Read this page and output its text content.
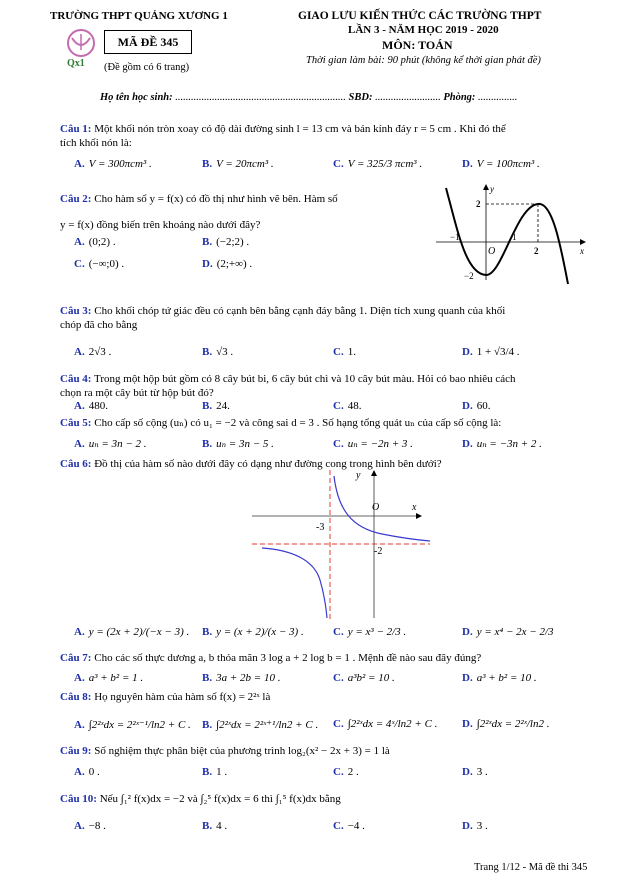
TRƯỜNG THPT QUẢNG XƯƠNG 1
Qx1
MÃ ĐỀ 345
(Đề gồm có 6 trang)
GIAO LƯU KIẾN THỨC CÁC TRƯỜNG THPT
LẦN 3 - NĂM HỌC 2019 - 2020
MÔN: TOÁN
Thời gian làm bài: 90 phút (không kể thời gian phát đề)
Họ tên học sinh: ................................................................. SBD: ......................... Phòng: ...............
Câu 1: Một khối nón tròn xoay có độ dài đường sinh l = 13 cm và bán kính đáy r = 5 cm . Khi đó thể
tích khối nón là:
A. V = 300πcm³ .	B. V = 20πcm³ .	C. V = 325/3 πcm³ .	D. V = 100πcm³ .
Câu 2: Cho hàm số y = f(x) có đồ thị như hình vẽ bên. Hàm số
y = f(x) đồng biến trên khoảng nào dưới đây?
A. (0;2) .	B. (−2;2) .
C. (−∞;0) .	D. (2;+∞) .
y
x
O
−1	1
2
2
−2
Câu 3: Cho khối chóp tứ giác đều có cạnh bên bằng cạnh đáy bằng 1. Diện tích xung quanh của khối
chóp đã cho bằng
A. 2√3 .	B. √3 .	C. 1.	D. 1 + √3/4 .
Câu 4: Trong một hộp bút gồm có 8 cây bút bi, 6 cây bút chì và 10 cây bút màu. Hỏi có bao nhiêu cách
chọn ra một cây bút từ hộp bút đó?
A. 480.	B. 24.	C. 48.	D. 60.
Câu 5: Cho cấp số cộng (uₙ) có u₁ = −2 và công sai d = 3 . Số hạng tổng quát uₙ của cấp số cộng là:
A. uₙ = 3n − 2 .	B. uₙ = 3n − 5 .	C. uₙ = −2n + 3 .	D. uₙ = −3n + 2 .
Câu 6: Đồ thị của hàm số nào dưới đây có dạng như đường cong trong hình bên dưới?
y
x
O
-3
-2
A. y = (2x + 2)/(−x − 3) . B. y = (x + 2)/(x − 3) .	C. y = x³ − 2/3 .	D. y = x⁴ − 2x − 2/3
Câu 7: Cho các số thực dương a, b thỏa mãn 3 log a + 2 log b = 1 . Mệnh đề nào sau đây đúng?
A. a³ + b² = 1 .	B. 3a + 2b = 10 .	C. a³b² = 10 .	D. a³ + b² = 10 .
Câu 8: Họ nguyên hàm của hàm số f(x) = 2²ˣ là
A. ∫2²ˣdx = 2²ˣ⁻¹/ln2 + C . B. ∫2²ˣdx = 2²ˣ⁺¹/ln2 + C . C. ∫2²ˣdx = 4ˣ/ln2 + C . D. ∫2²ˣdx = 2²ˣ/ln2 .
Câu 9: Số nghiệm thực phân biệt của phương trình log₂(x² − 2x + 3) = 1 là
A. 0 .	B. 1 .	C. 2 .	D. 3 .
Câu 10: Nếu ∫₁² f(x)dx = −2 và ∫₂⁵ f(x)dx = 6 thì ∫₁⁵ f(x)dx bằng
A. −8 .	B. 4 .	C. −4 .	D. 3 .
Trang 1/12 - Mã đề thi 345
